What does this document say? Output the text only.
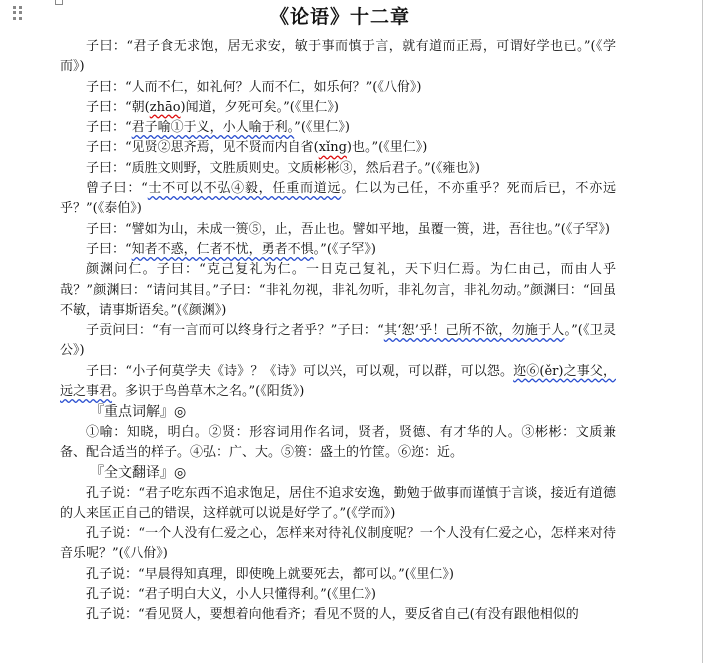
《论语》十二章

子曰：“君子食无求饱，居无求安，敏于事而慎于言，就有道而正焉，可谓好学也已。”(《学而》)

子曰：“人而不仁，如礼何？人而不仁，如乐何？”(《八佾》)

子曰：“朝(zhāo)闻道，夕死可矣。”(《里仁》)

子曰：“君子喻①于义，小人喻于利。”(《里仁》)

子曰：“见贤②思齐焉，见不贤而内自省(xǐng)也。”(《里仁》)

子曰：“质胜文则野，文胜质则史。文质彬彬③，然后君子。”(《雍也》)

曾子曰：“士不可以不弘④毅，任重而道远。仁以为己任，不亦重乎？死而后已，不亦远乎？”(《泰伯》)

子曰：“譬如为山，未成一篑⑤，止，吾止也。譬如平地，虽覆一篑，进，吾往也。”(《子罕》)

子曰：“知者不惑，仁者不忧，勇者不惧。”(《子罕》)

颜渊问仁。子曰：“克己复礼为仁。一日克己复礼，天下归仁焉。为仁由己，而由人乎哉？”颜渊曰：“请问其目。”子曰：“非礼勿视，非礼勿听，非礼勿言，非礼勿动。”颜渊曰：“回虽不敏，请事斯语矣。”(《颜渊》)

子贡问曰：“有一言而可以终身行之者乎？”子曰：“其‘恕’乎！己所不欲，勿施于人。”(《卫灵公》)

子曰：“小子何莫学夫《诗》？《诗》可以兴，可以观，可以群，可以怨。迩⑥(ěr)之事父，远之事君。多识于鸟兽草木之名。”(《阳货》)

『重点词解』◎

①喻：知晓，明白。②贤：形容词用作名词，贤者，贤德、有才华的人。③彬彬：文质兼备、配合适当的样子。④弘：广、大。⑤篑：盛土的竹筐。⑥迩：近。

『全文翻译』◎

孔子说：“君子吃东西不追求饱足，居住不追求安逸，勤勉于做事而谨慎于言谈，接近有道德的人来匡正自己的错误，这样就可以说是好学了。”(《学而》)

孔子说：“一个人没有仁爱之心，怎样来对待礼仪制度呢？一个人没有仁爱之心，怎样来对待音乐呢？”(《八佾》)

孔子说：“早晨得知真理，即使晚上就要死去，都可以。”(《里仁》)

孔子说：“君子明白大义，小人只懂得利。”(《里仁》)

孔子说：“看见贤人，要想着向他看齐；看见不贤的人，要反省自己(有没有跟他相似的
